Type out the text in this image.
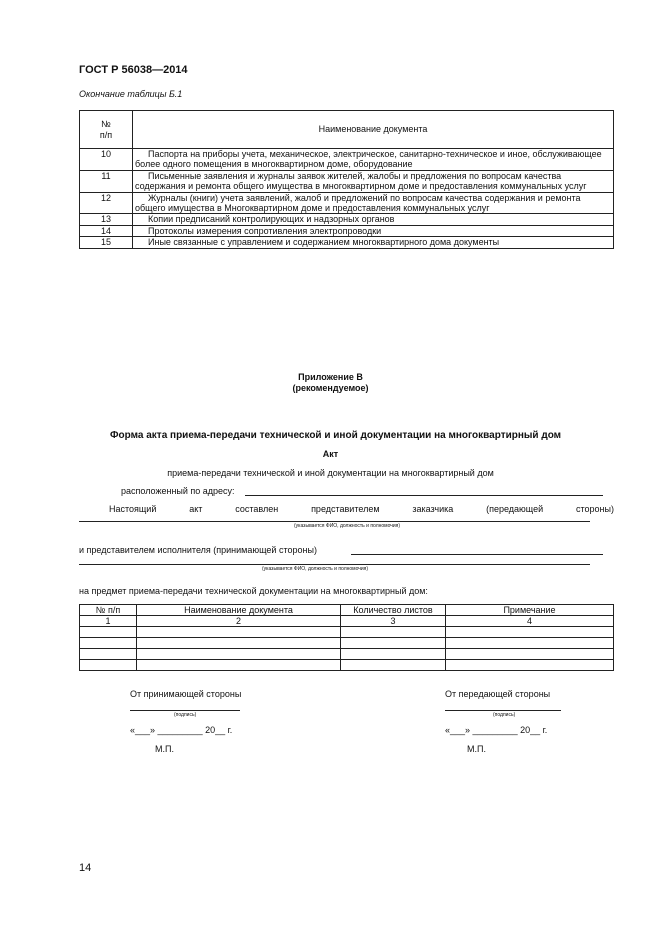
ГОСТ Р 56038—2014
Окончание таблицы Б.1
№
п/п	Наименование документа
10	Паспорта на приборы учета, механическое, электрическое, санитарно-техническое и иное, обслуживающее более одного помещения в многоквартирном доме, оборудование
11	Письменные заявления и журналы заявок жителей, жалобы и предложения по вопросам качества содержания и ремонта общего имущества в многоквартирном доме и предоставления коммунальных услуг
12	Журналы (книги) учета заявлений, жалоб и предложений по вопросам качества содержания и ремонта общего имущества в Многоквартирном доме и предоставления коммунальных услуг
13	Копии предписаний контролирующих и надзорных органов
14	Протоколы измерения сопротивления электропроводки
15	Иные связанные с управлением и содержанием многоквартирного дома документы
Приложение В
(рекомендуемое)
Форма акта приема-передачи технической и иной документации на многоквартирный дом
Акт
приема-передачи технической и иной документации на многоквартирный дом
расположенный по адресу:
Настоящий	акт	составлен	представителем	заказчика	(передающей	стороны)
(указывается ФИО, должность и полномочия)
и представителем исполнителя (принимающей стороны)
(указывается ФИО, должность и полномочия)
на предмет приема-передачи технической документации на многоквартирный дом:
№ п/п	Наименование документа	Количество листов	Примечание
1	2	3	4

От принимающей стороны
(подпись)
«___» _________ 20__ г.
М.П.
От передающей стороны
(подпись)
«___» _________ 20__ г.
М.П.
14
